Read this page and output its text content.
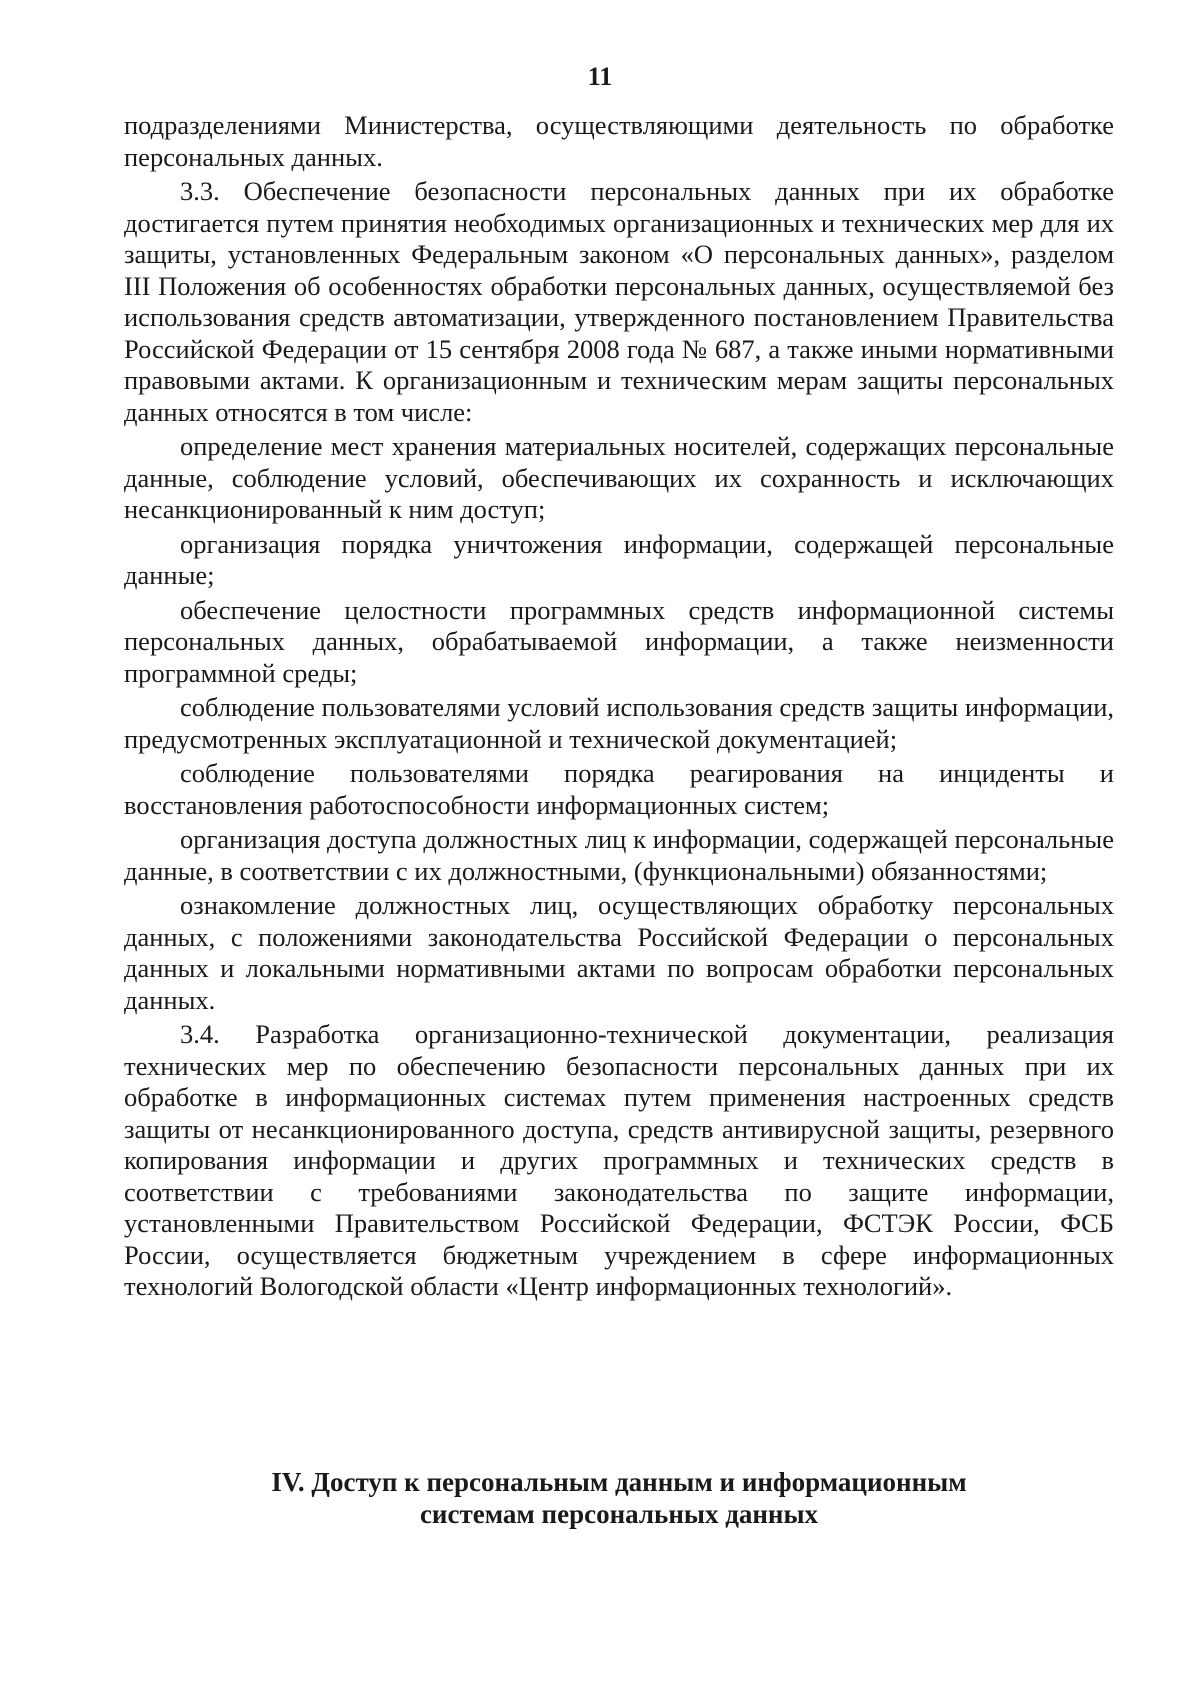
11

подразделениями Министерства, осуществляющими деятельность по обработке персональных данных.

3.3. Обеспечение безопасности персональных данных при их обработке достигается путем принятия необходимых организационных и технических мер для их защиты, установленных Федеральным законом «О персональных данных», разделом III Положения об особенностях обработки персональных данных, осуществляемой без использования средств автоматизации, утвержденного постановлением Правительства Российской Федерации от 15 сентября 2008 года № 687, а также иными нормативными правовыми актами. К организационным и техническим мерам защиты персональных данных относятся в том числе:

определение мест хранения материальных носителей, содержащих персональные данные, соблюдение условий, обеспечивающих их сохранность и исключающих несанкционированный к ним доступ;

организация порядка уничтожения информации, содержащей персональные данные;

обеспечение целостности программных средств информационной системы персональных данных, обрабатываемой информации, а также неизменности программной среды;

соблюдение пользователями условий использования средств защиты информации, предусмотренных эксплуатационной и технической документацией;

соблюдение пользователями порядка реагирования на инциденты и восстановления работоспособности информационных систем;

организация доступа должностных лиц к информации, содержащей персональные данные, в соответствии с их должностными, (функциональными) обязанностями;

ознакомление должностных лиц, осуществляющих обработку персональных данных, с положениями законодательства Российской Федерации о персональных данных и локальными нормативными актами по вопросам обработки персональных данных.

3.4. Разработка организационно-технической документации, реализация технических мер по обеспечению безопасности персональных данных при их обработке в информационных системах путем применения настроенных средств защиты от несанкционированного доступа, средств антивирусной защиты, резервного копирования информации и других программных и технических средств в соответствии с требованиями законодательства по защите информации, установленными Правительством Российской Федерации, ФСТЭК России, ФСБ России, осуществляется бюджетным учреждением в сфере информационных технологий Вологодской области «Центр информационных технологий».

IV. Доступ к персональным данным и информационным
системам персональных данных
